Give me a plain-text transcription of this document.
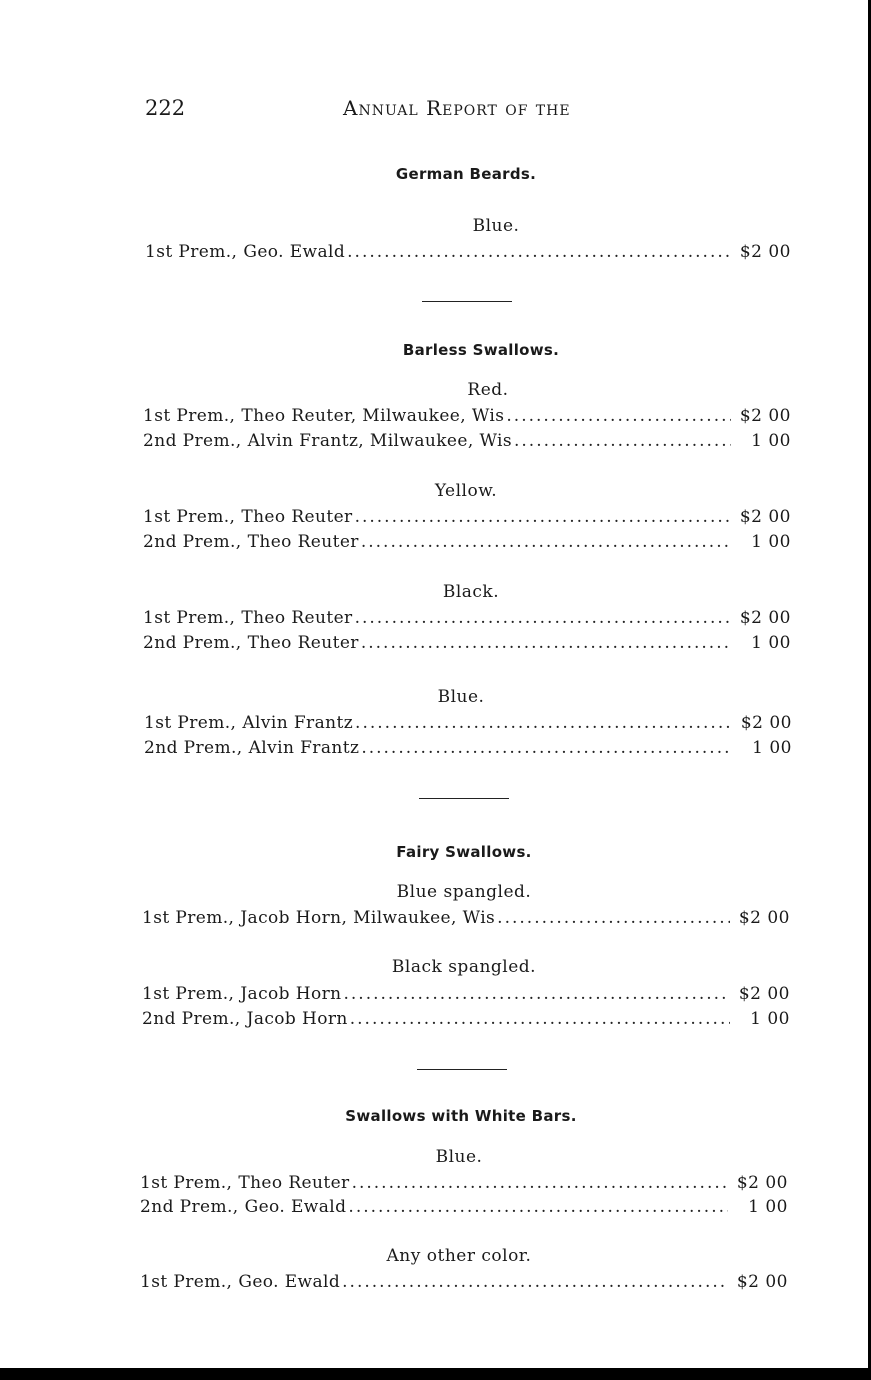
222	Annual Report of the
German Beards.
Blue.
1st Prem., Geo. Ewald .....	$2 00
Barless Swallows.
Red.
1st Prem., Theo Reuter, Milwaukee, Wis .....	$2 00
2nd Prem., Alvin Frantz, Milwaukee, Wis .....	1 00
Yellow.
1st Prem., Theo Reuter .....	$2 00
2nd Prem., Theo Reuter .....	1 00
Black.
1st Prem., Theo Reuter .....	$2 00
2nd Prem., Theo Reuter .....	1 00
Blue.
1st Prem., Alvin Frantz .....	$2 00
2nd Prem., Alvin Frantz .....	1 00
Fairy Swallows.
Blue spangled.
1st Prem., Jacob Horn, Milwaukee, Wis .....	$2 00
Black spangled.
1st Prem., Jacob Horn .....	$2 00
2nd Prem., Jacob Horn .....	1 00
Swallows with White Bars.
Blue.
1st Prem., Theo Reuter .....	$2 00
2nd Prem., Geo. Ewald .....	1 00
Any other color.
1st Prem., Geo. Ewald .....	$2 00
